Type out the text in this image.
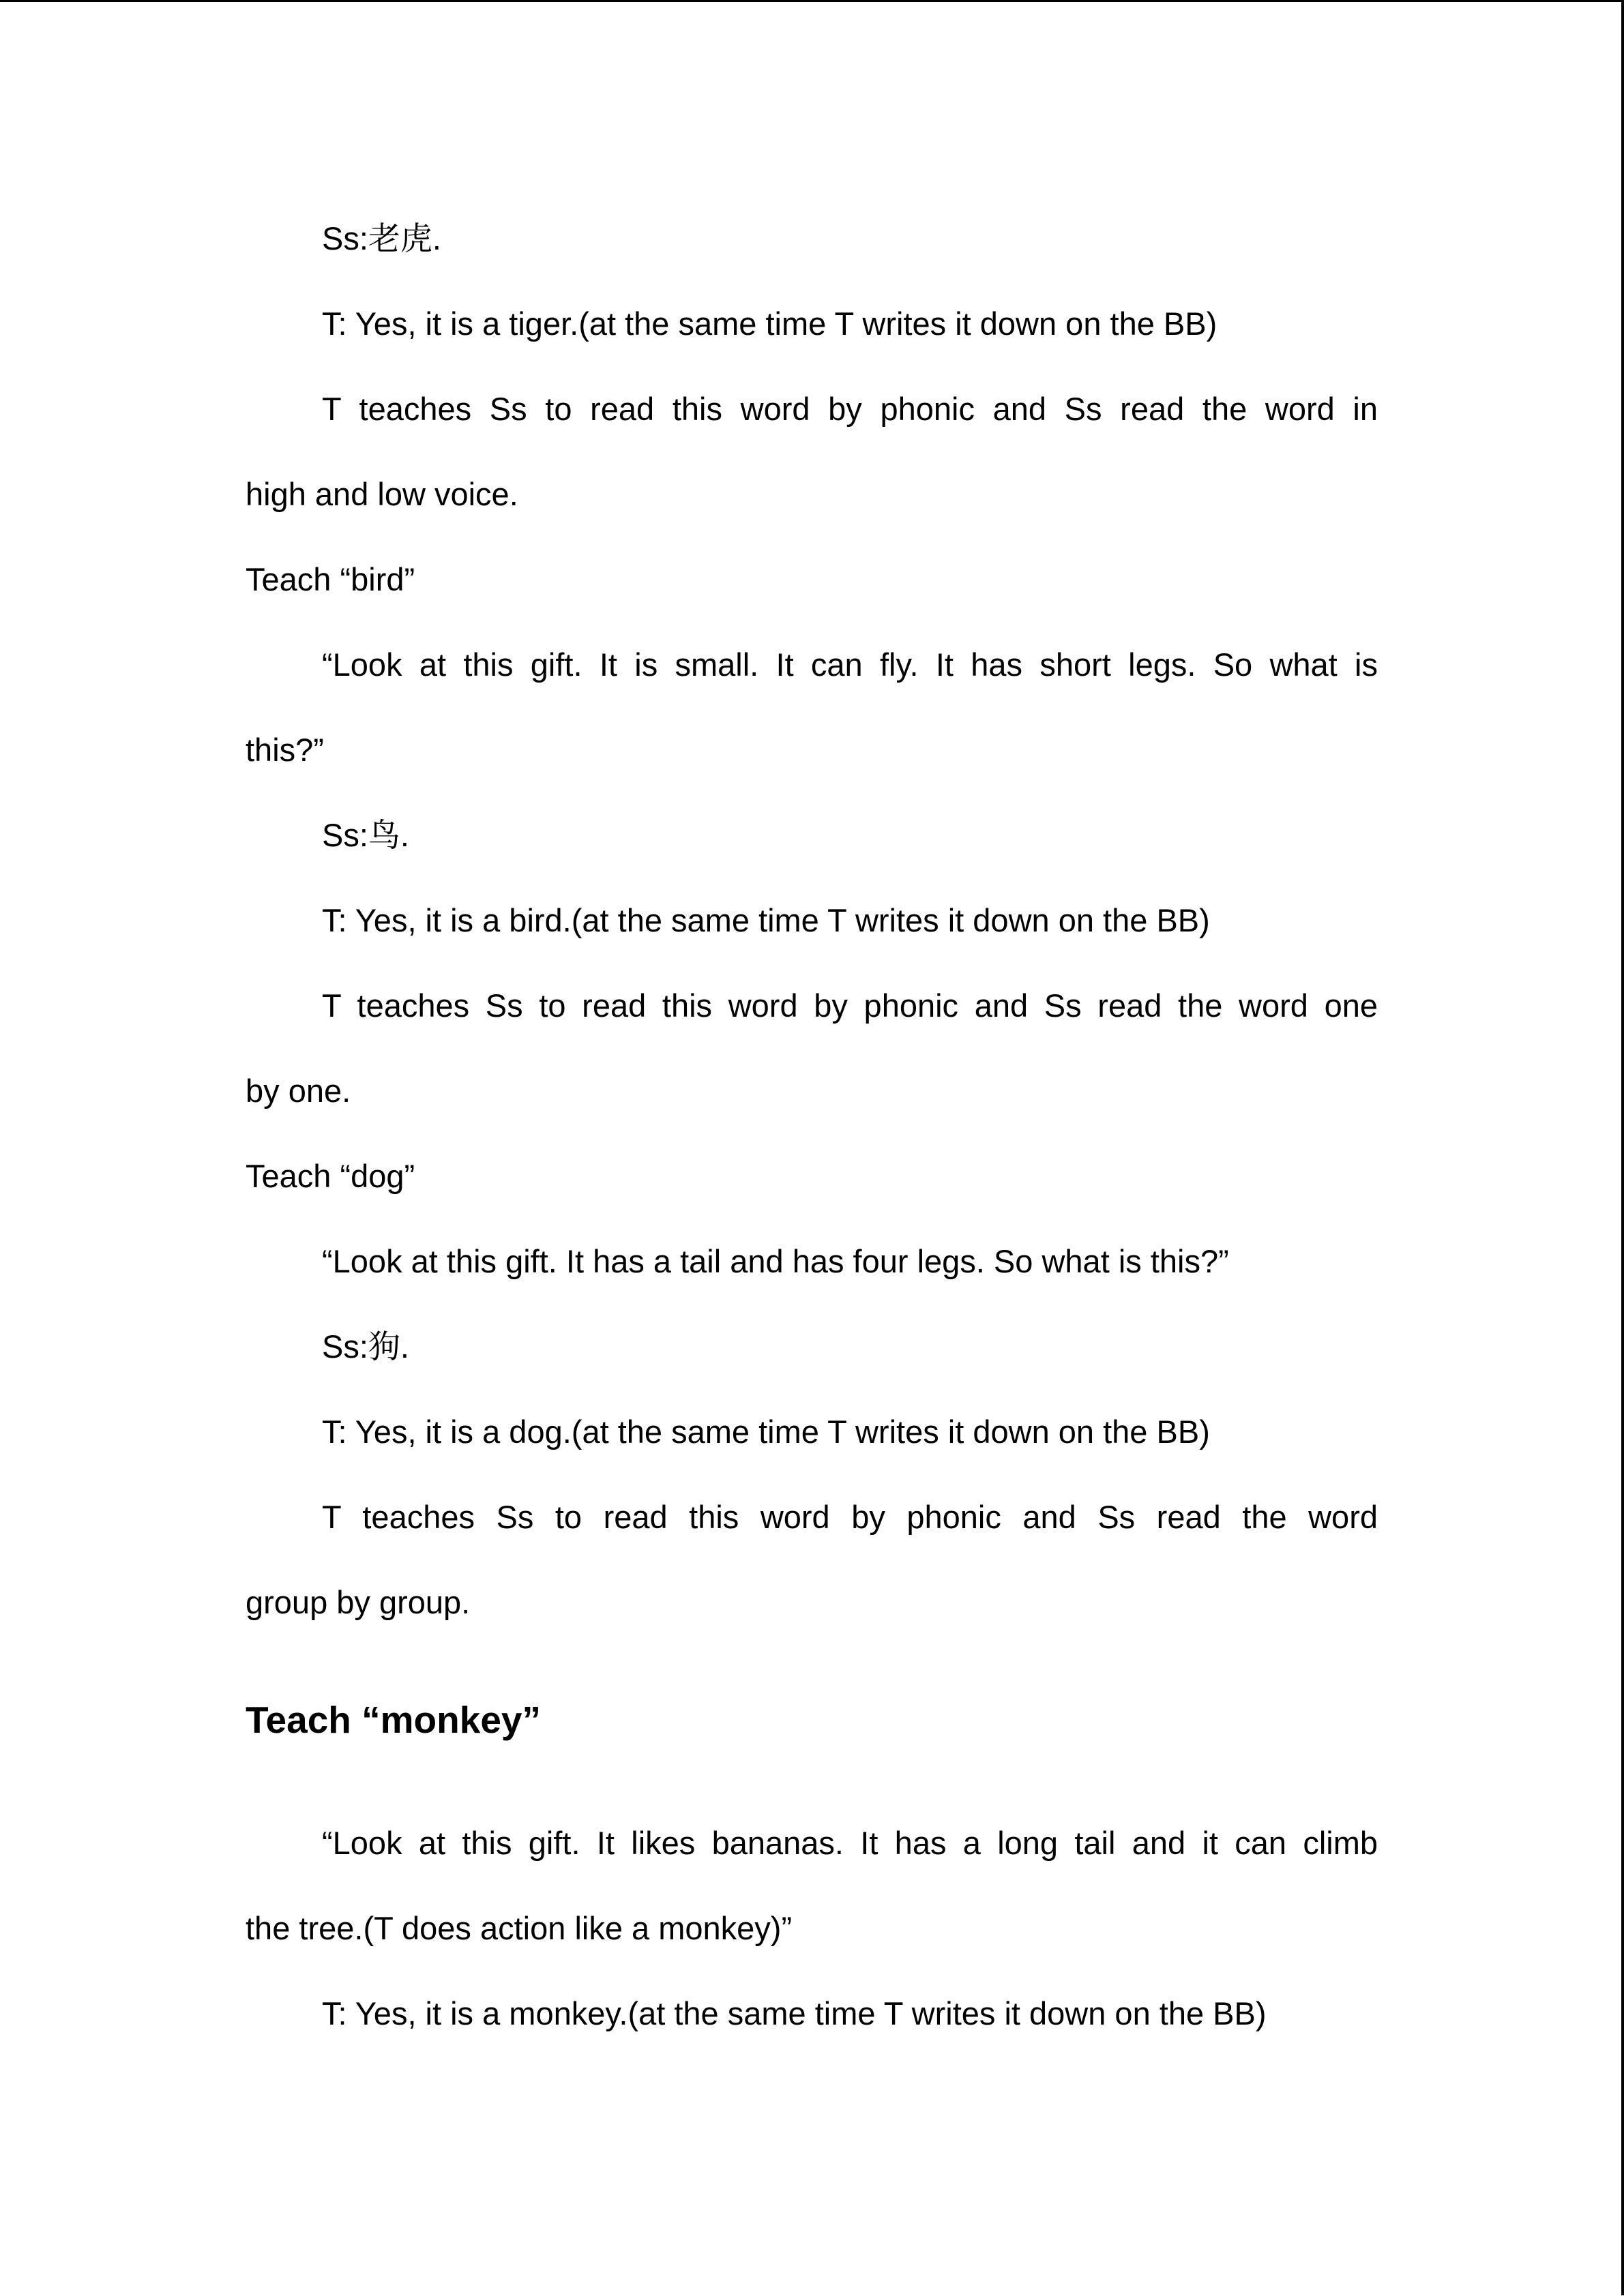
Ss:老虎.
T: Yes, it is a tiger.(at the same time T writes it down on the BB)
T teaches Ss to read this word by phonic and Ss read the word in
high and low voice.
Teach “bird”
“Look at this gift. It is small. It can fly. It has short legs. So what is
this?”
Ss:鸟.
T: Yes, it is a bird.(at the same time T writes it down on the BB)
T teaches Ss to read this word by phonic and Ss read the word one
by one.
Teach “dog”
“Look at this gift. It has a tail and has four legs. So what is this?”
Ss:狗.
T: Yes, it is a dog.(at the same time T writes it down on the BB)
T teaches Ss to read this word by phonic and Ss read the word
group by group.
Teach “monkey”
“Look at this gift. It likes bananas. It has a long tail and it can climb
the tree.(T does action like a monkey)”
T: Yes, it is a monkey.(at the same time T writes it down on the BB)
